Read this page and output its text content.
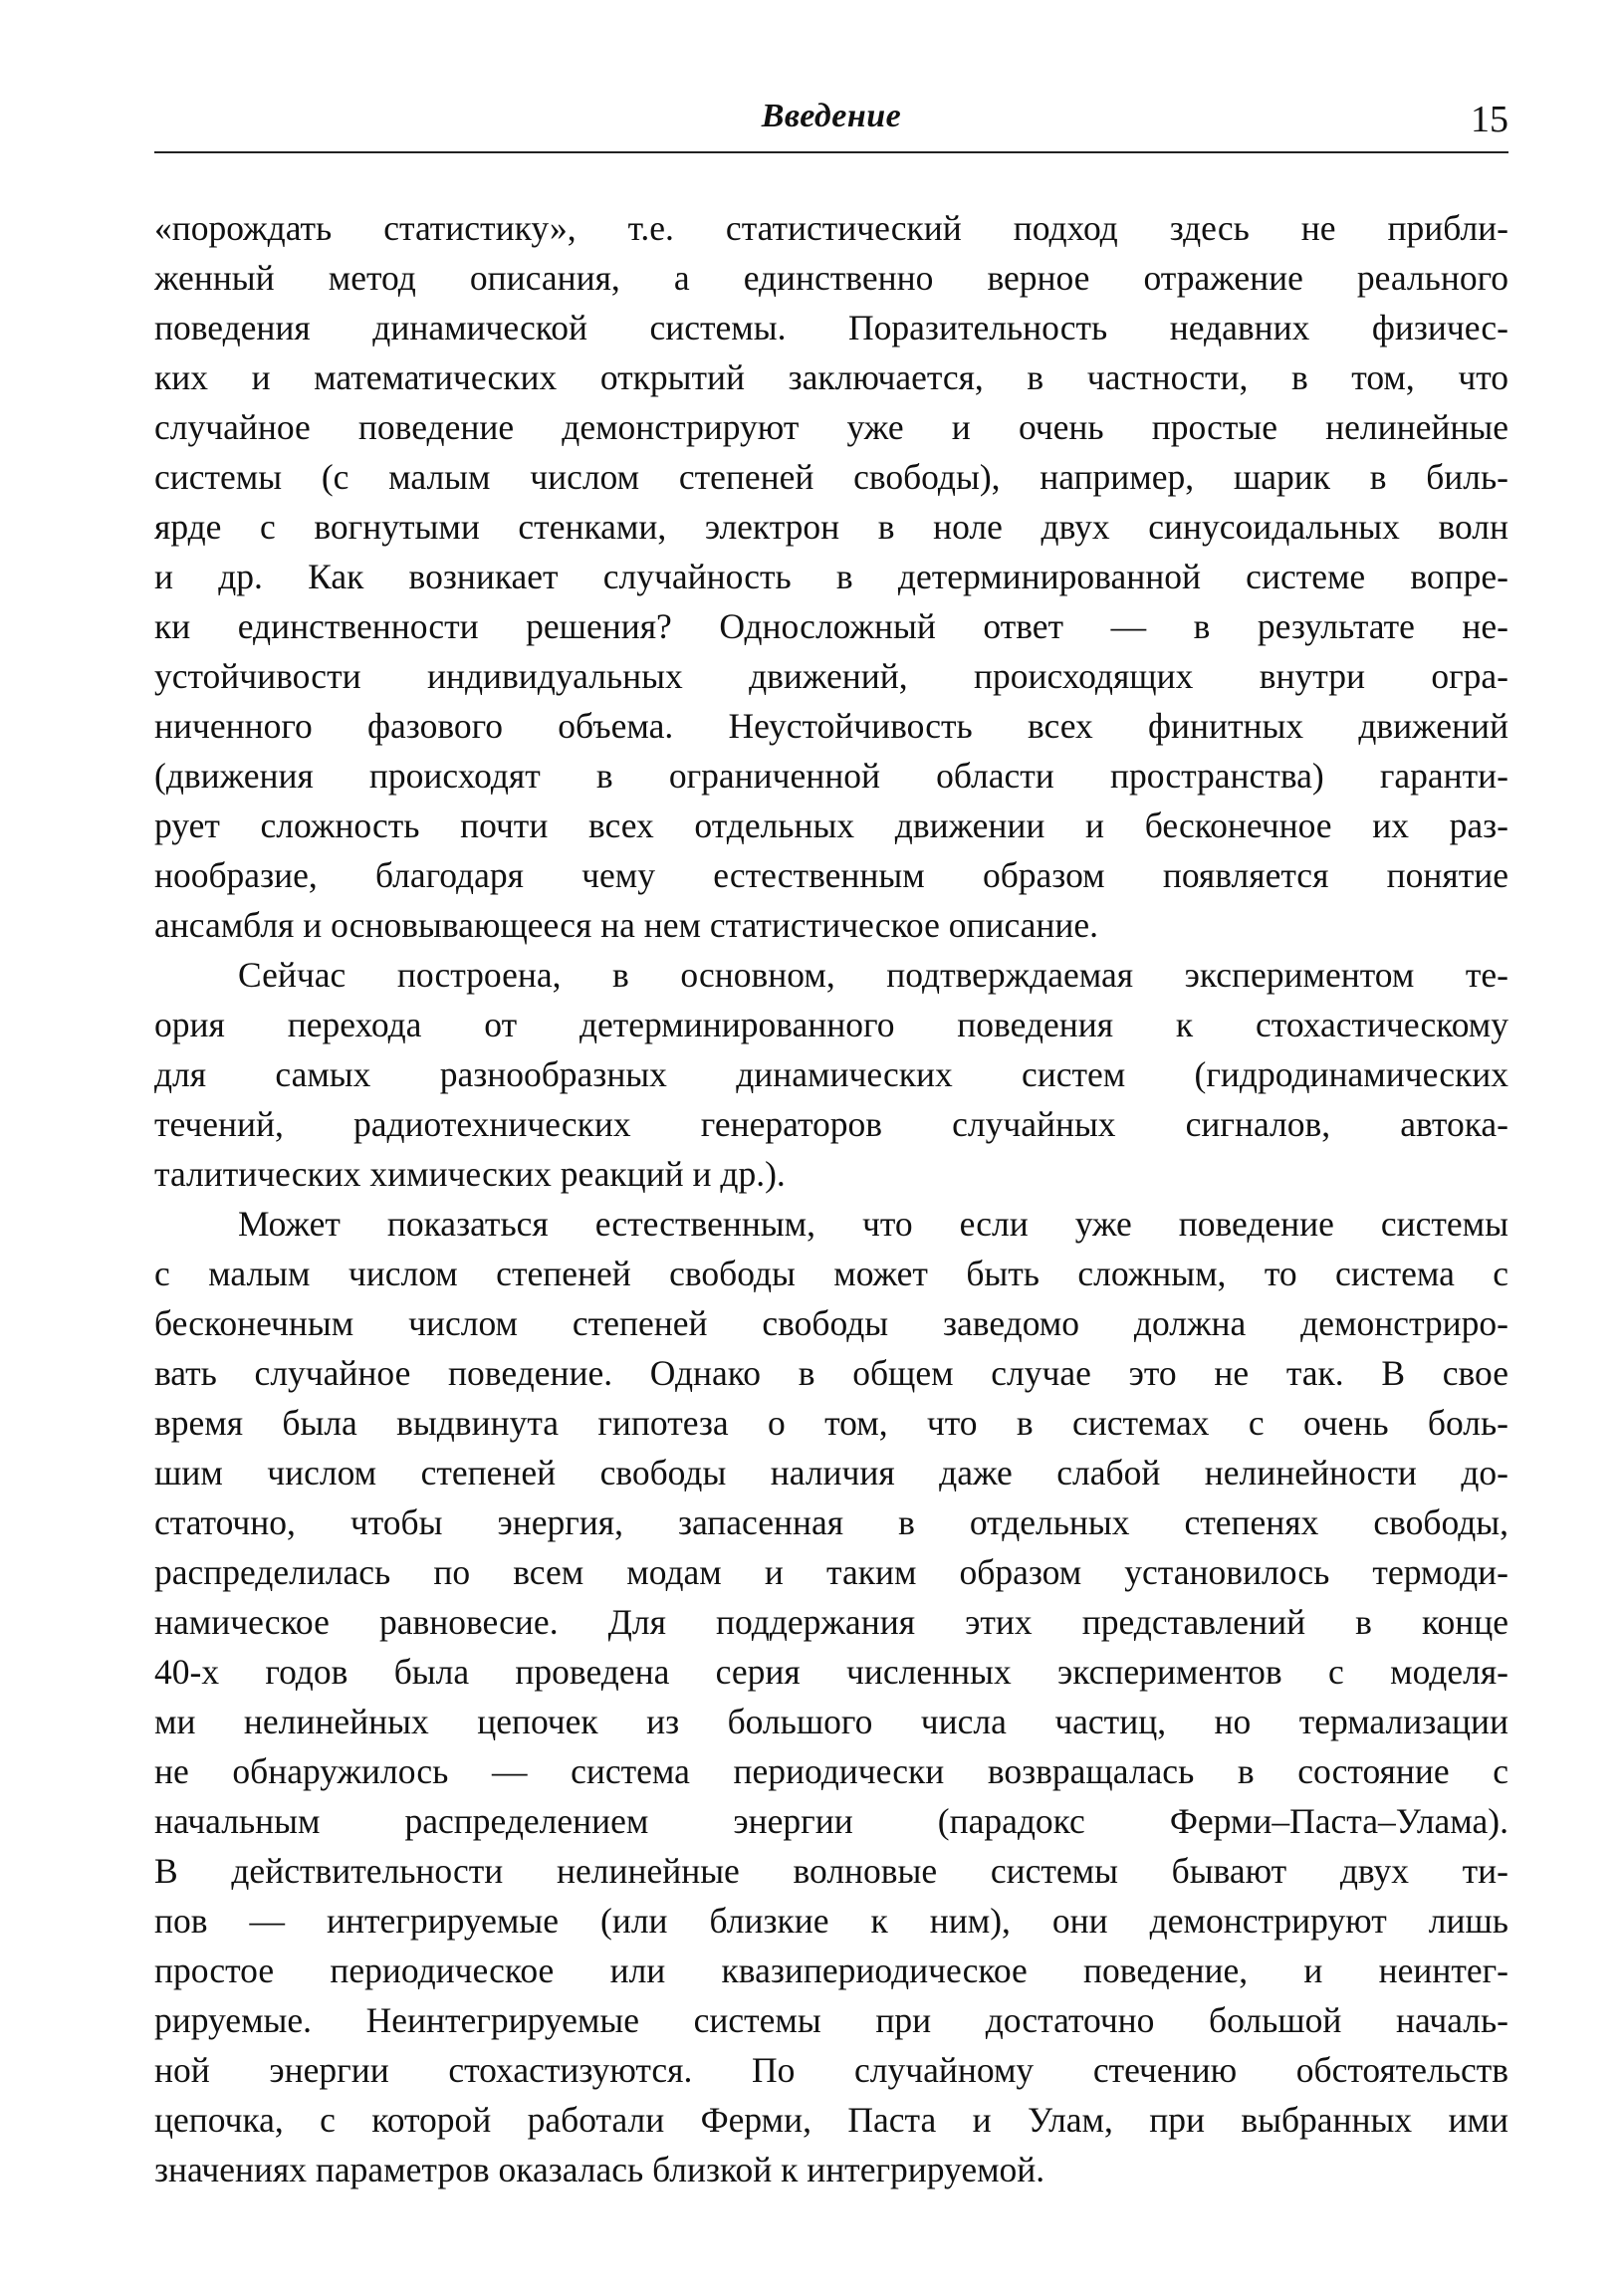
Введение	15
«порождать статистику», т.е. статистический подход здесь не прибли-
женный метод описания, а единственно верное отражение реального
поведения динамической системы. Поразительность недавних физичес-
ких и математических открытий заключается, в частности, в том, что
случайное поведение демонстрируют уже и очень простые нелинейные
системы (с малым числом степеней свободы), например, шарик в биль-
ярде с вогнутыми стенками, электрон в ноле двух синусоидальных волн
и др. Как возникает случайность в детерминированной системе вопре-
ки единственности решения? Односложный ответ — в результате не-
устойчивости индивидуальных движений, происходящих внутри огра-
ниченного фазового объема. Неустойчивость всех финитных движений
(движения происходят в ограниченной области пространства) гаранти-
рует сложность почти всех отдельных движении и бесконечное их раз-
нообразие, благодаря чему естественным образом появляется понятие
ансамбля и основывающееся на нем статистическое описание.
Сейчас построена, в основном, подтверждаемая экспериментом те-
ория перехода от детерминированного поведения к стохастическому
для самых разнообразных динамических систем (гидродинамических
течений, радиотехнических генераторов случайных сигналов, автока-
талитических химических реакций и др.).
Может показаться естественным, что если уже поведение системы
с малым числом степеней свободы может быть сложным, то система с
бесконечным числом степеней свободы заведомо должна демонстриро-
вать случайное поведение. Однако в общем случае это не так. В свое
время была выдвинута гипотеза о том, что в системах с очень боль-
шим числом степеней свободы наличия даже слабой нелинейности до-
статочно, чтобы энергия, запасенная в отдельных степенях свободы,
распределилась по всем модам и таким образом установилось термоди-
намическое равновесие. Для поддержания этих представлений в конце
40-х годов была проведена серия численных экспериментов с моделя-
ми нелинейных цепочек из большого числа частиц, но термализации
не обнаружилось — система периодически возвращалась в состояние с
начальным распределением энергии (парадокс Ферми–Паста–Улама).
В действительности нелинейные волновые системы бывают двух ти-
пов — интегрируемые (или близкие к ним), они демонстрируют лишь
простое периодическое или квазипериодическое поведение, и неинтег-
рируемые. Неинтегрируемые системы при достаточно большой началь-
ной энергии стохастизуются. По случайному стечению обстоятельств
цепочка, с которой работали Ферми, Паста и Улам, при выбранных ими
значениях параметров оказалась близкой к интегрируемой.
